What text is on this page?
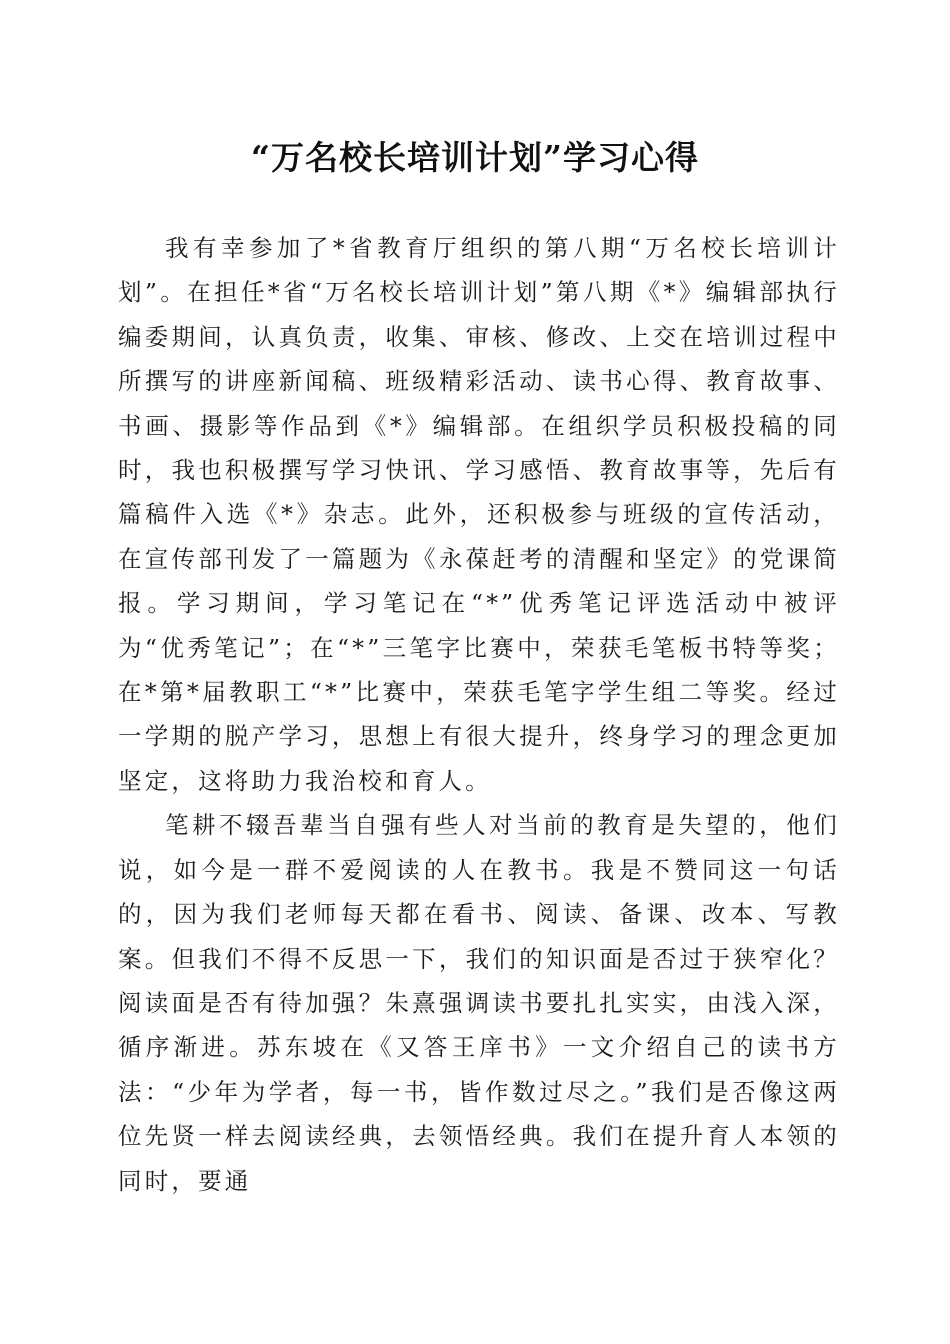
“万名校长培训计划”学习心得

我有幸参加了*省教育厅组织的第八期“万名校长培训计划”。在担任*省“万名校长培训计划”第八期《*》编辑部执行编委期间，认真负责，收集、审核、修改、上交在培训过程中所撰写的讲座新闻稿、班级精彩活动、读书心得、教育故事、书画、摄影等作品到《*》编辑部。在组织学员积极投稿的同时，我也积极撰写学习快讯、学习感悟、教育故事等，先后有篇稿件入选《*》杂志。此外，还积极参与班级的宣传活动，在宣传部刊发了一篇题为《永葆赶考的清醒和坚定》的党课简报。学习期间，学习笔记在“*”优秀笔记评选活动中被评为“优秀笔记”；在“*”三笔字比赛中，荣获毛笔板书特等奖；在*第*届教职工“*”比赛中，荣获毛笔字学生组二等奖。经过一学期的脱产学习，思想上有很大提升，终身学习的理念更加坚定，这将助力我治校和育人。

笔耕不辍吾辈当自强有些人对当前的教育是失望的，他们说，如今是一群不爱阅读的人在教书。我是不赞同这一句话的，因为我们老师每天都在看书、阅读、备课、改本、写教案。但我们不得不反思一下，我们的知识面是否过于狭窄化？阅读面是否有待加强？朱熹强调读书要扎扎实实，由浅入深，循序渐进。苏东坡在《又答王庠书》一文介绍自己的读书方法：“少年为学者，每一书，皆作数过尽之。”我们是否像这两位先贤一样去阅读经典，去领悟经典。我们在提升育人本领的同时，要通
